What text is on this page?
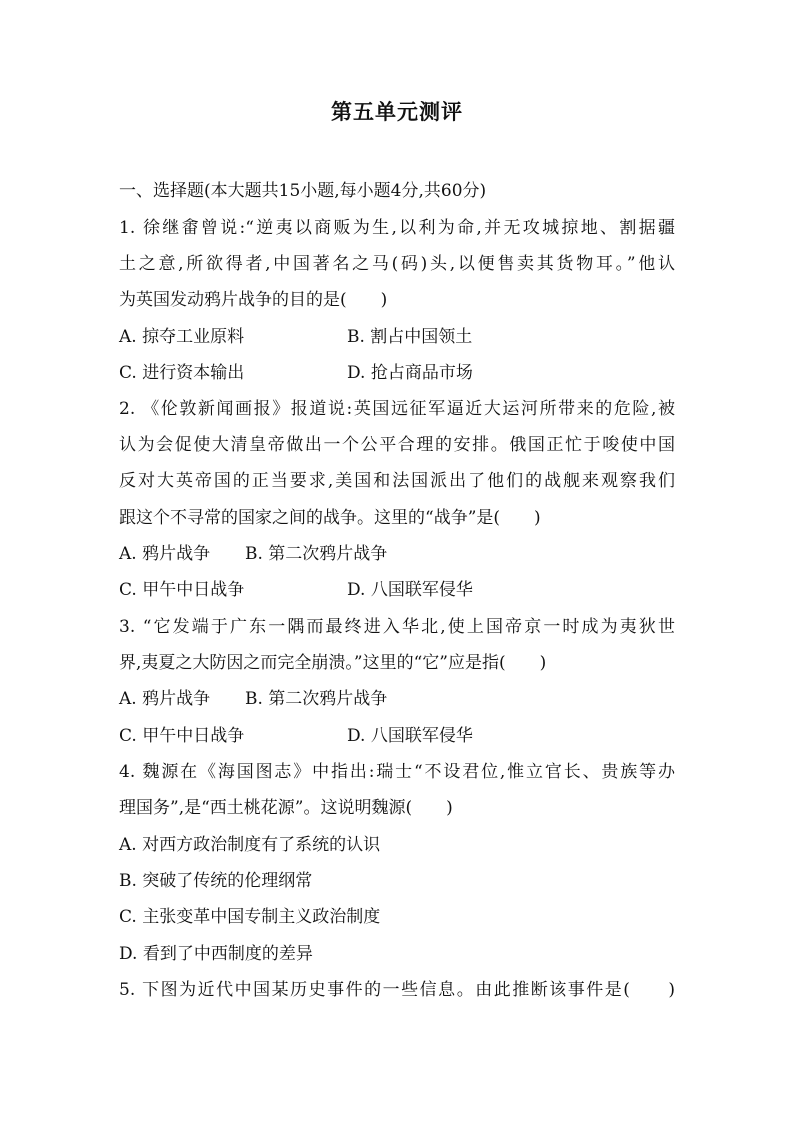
第五单元测评
一、选择题(本大题共15小题,每小题4分,共60分)
1. 徐继畬曾说:“逆夷以商贩为生,以利为命,并无攻城掠地、割据疆
土之意,所欲得者,中国著名之马(码)头,以便售卖其货物耳。”他认
为英国发动鸦片战争的目的是(　　)
A. 掠夺工业原料	B. 割占中国领土
C. 进行资本输出	D. 抢占商品市场
2. 《伦敦新闻画报》报道说:英国远征军逼近大运河所带来的危险,被
认为会促使大清皇帝做出一个公平合理的安排。俄国正忙于唆使中国
反对大英帝国的正当要求,美国和法国派出了他们的战舰来观察我们
跟这个不寻常的国家之间的战争。这里的“战争”是(　　)
A. 鸦片战争 B. 第二次鸦片战争
C. 甲午中日战争	D. 八国联军侵华
3. “它发端于广东一隅而最终进入华北,使上国帝京一时成为夷狄世
界,夷夏之大防因之而完全崩溃。”这里的“它”应是指(　　)
A. 鸦片战争 B. 第二次鸦片战争
C. 甲午中日战争	D. 八国联军侵华
4. 魏源在《海国图志》中指出:瑞士“不设君位,惟立官长、贵族等办
理国务”,是“西土桃花源”。这说明魏源(　　)
A. 对西方政治制度有了系统的认识
B. 突破了传统的伦理纲常
C. 主张变革中国专制主义政治制度
D. 看到了中西制度的差异
5. 下图为近代中国某历史事件的一些信息。由此推断该事件是(　　)
